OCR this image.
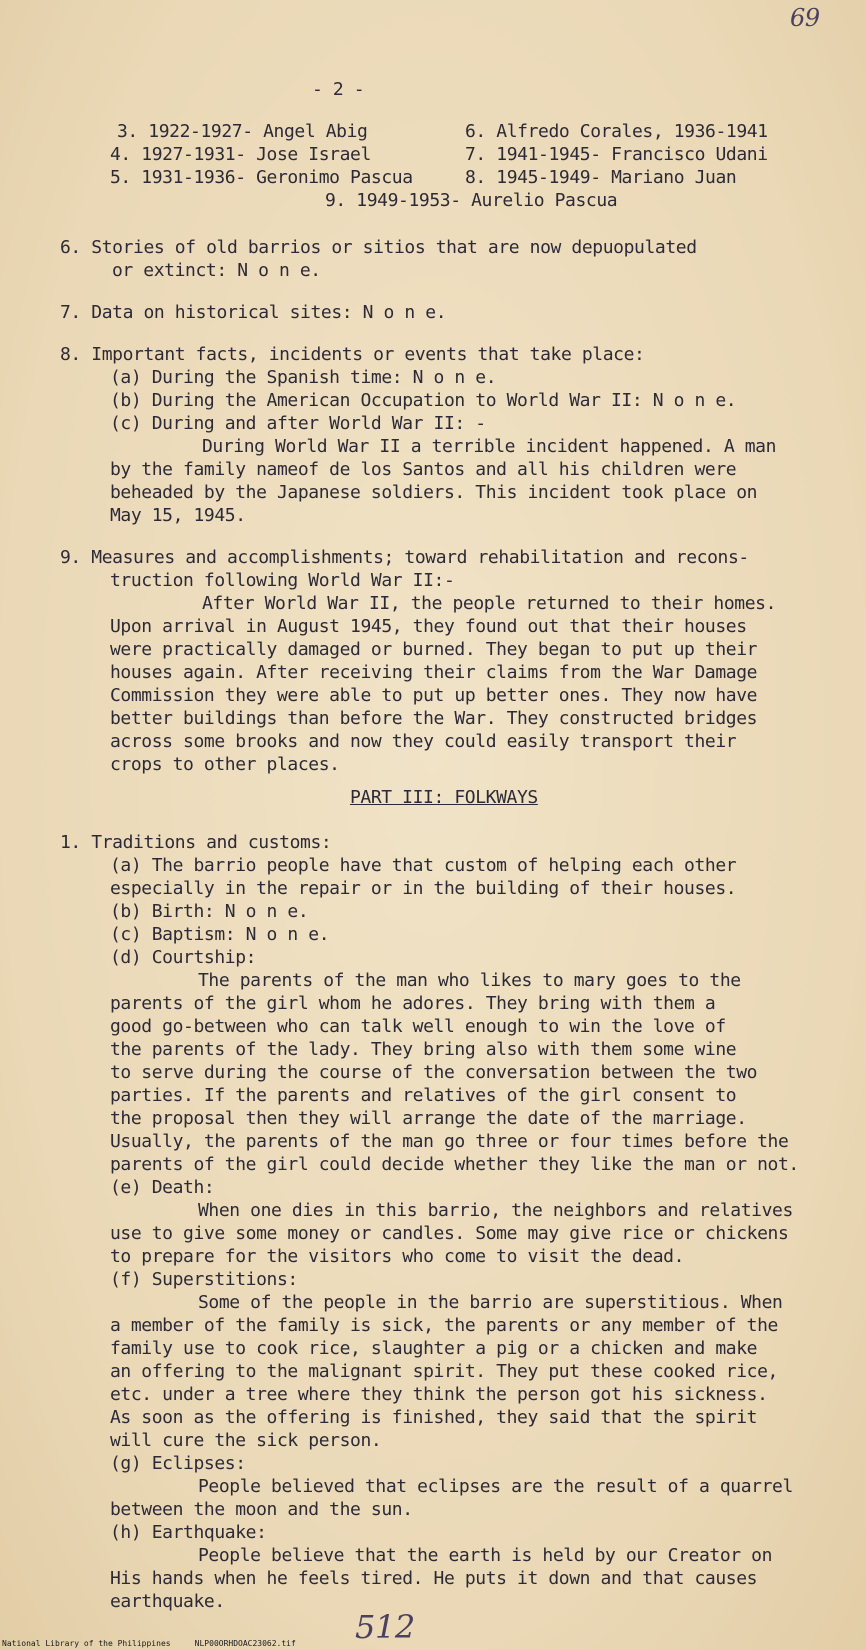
69
- 2 -
3. 1922-1927- Angel Abig	6. Alfredo Corales, 1936-1941
4. 1927-1931- Jose Israel	7. 1941-1945- Francisco Udani
5. 1931-1936- Geronimo Pascua	8. 1945-1949- Mariano Juan
9. 1949-1953- Aurelio Pascua
6. Stories of old barrios or sitios that are now depuopulated
or extinct: N o n e.
7. Data on historical sites: N o n e.
8. Important facts, incidents or events that take place:
(a) During the Spanish time: N o n e.
(b) During the American Occupation to World War II: N o n e.
(c) During and after World War II: -
During World War II a terrible incident happened. A man
by the family nameof de los Santos and all his children were
beheaded by the Japanese soldiers. This incident took place on
May 15, 1945.
9. Measures and accomplishments; toward rehabilitation and recons-
truction following World War II:-
After World War II, the people returned to their homes.
Upon arrival in August 1945, they found out that their houses
were practically damaged or burned. They began to put up their
houses again. After receiving their claims from the War Damage
Commission they were able to put up better ones. They now have
better buildings than before the War. They constructed bridges
across some brooks and now they could easily transport their
crops to other places.
PART III: FOLKWAYS
1. Traditions and customs:
(a) The barrio people have that custom of helping each other
especially in the repair or in the building of their houses.
(b) Birth: N o n e.
(c) Baptism: N o n e.
(d) Courtship:
The parents of the man who likes to mary goes to the
parents of the girl whom he adores. They bring with them a
good go-between who can talk well enough to win the love of
the parents of the lady. They bring also with them some wine
to serve during the course of the conversation between the two
parties. If the parents and relatives of the girl consent to
the proposal then they will arrange the date of the marriage.
Usually, the parents of the man go three or four times before the
parents of the girl could decide whether they like the man or not.
(e) Death:
When one dies in this barrio, the neighbors and relatives
use to give some money or candles. Some may give rice or chickens
to prepare for the visitors who come to visit the dead.
(f) Superstitions:
Some of the people in the barrio are superstitious. When
a member of the family is sick, the parents or any member of the
family use to cook rice, slaughter a pig or a chicken and make
an offering to the malignant spirit. They put these cooked rice,
etc. under a tree where they think the person got his sickness.
As soon as the offering is finished, they said that the spirit
will cure the sick person.
(g) Eclipses:
People believed that eclipses are the result of a quarrel
between the moon and the sun.
(h) Earthquake:
People believe that the earth is held by our Creator on
His hands when he feels tired. He puts it down and that causes
earthquake.
512
National Library of the Philippines	NLP00ORHDOAC23062.tif
